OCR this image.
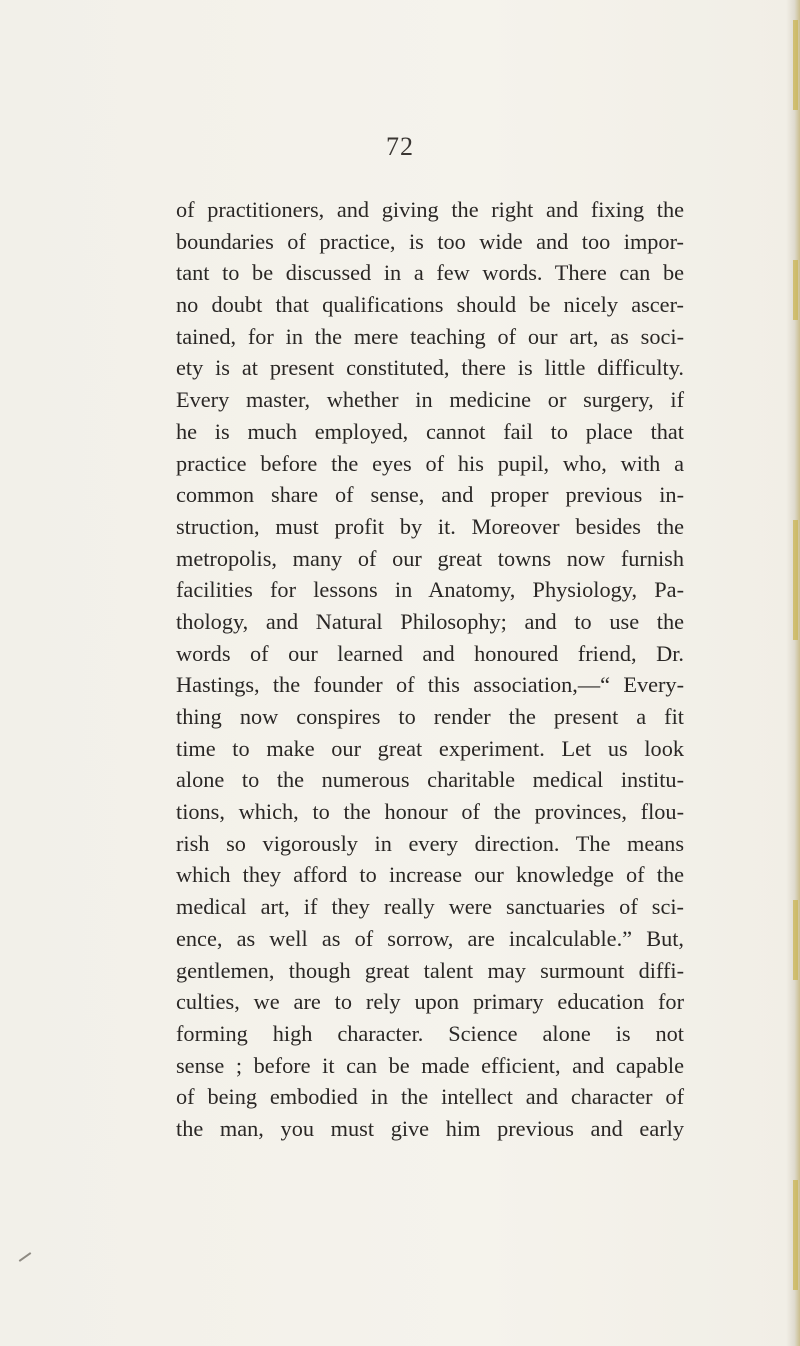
72
of practitioners, and giving the right and fixing the
boundaries of practice, is too wide and too impor-
tant to be discussed in a few words. There can be
no doubt that qualifications should be nicely ascer-
tained, for in the mere teaching of our art, as soci-
ety is at present constituted, there is little difficulty.
Every master, whether in medicine or surgery, if
he is much employed, cannot fail to place that
practice before the eyes of his pupil, who, with a
common share of sense, and proper previous in-
struction, must profit by it. Moreover besides the
metropolis, many of our great towns now furnish
facilities for lessons in Anatomy, Physiology, Pa-
thology, and Natural Philosophy; and to use the
words of our learned and honoured friend, Dr.
Hastings, the founder of this association,—“ Every-
thing now conspires to render the present a fit
time to make our great experiment. Let us look
alone to the numerous charitable medical institu-
tions, which, to the honour of the provinces, flou-
rish so vigorously in every direction. The means
which they afford to increase our knowledge of the
medical art, if they really were sanctuaries of sci-
ence, as well as of sorrow, are incalculable.” But,
gentlemen, though great talent may surmount diffi-
culties, we are to rely upon primary education for
forming high character. Science alone is not
sense ; before it can be made efficient, and capable
of being embodied in the intellect and character of
the man, you must give him previous and early
